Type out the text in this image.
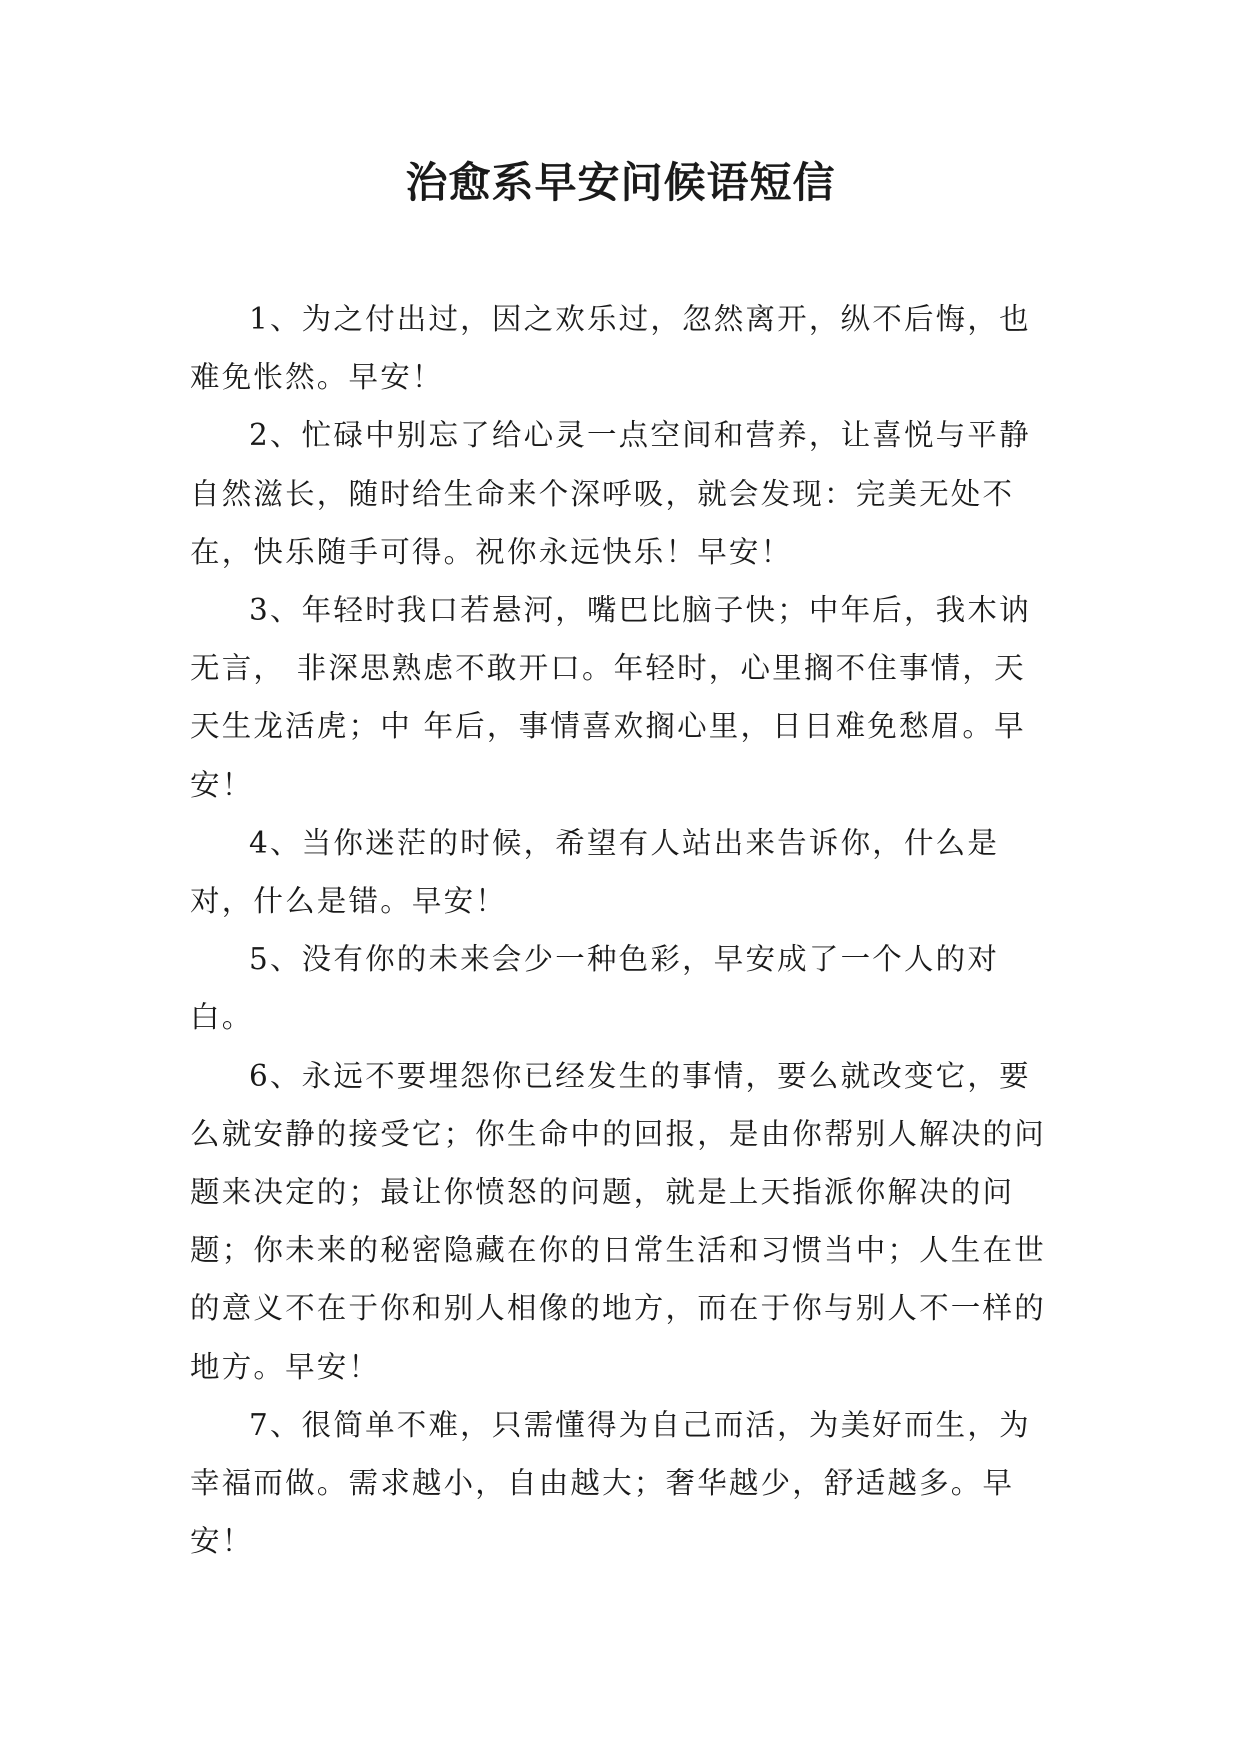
治愈系早安问候语短信

1、为之付出过，因之欢乐过，忽然离开，纵不后悔，也难免怅然。早安！

2、忙碌中别忘了给心灵一点空间和营养，让喜悦与平静自然滋长，随时给生命来个深呼吸，就会发现：完美无处不在，快乐随手可得。祝你永远快乐！早安！

3、年轻时我口若悬河，嘴巴比脑子快；中年后，我木讷无言， 非深思熟虑不敢开口。年轻时，心里搁不住事情，天天生龙活虎；中 年后，事情喜欢搁心里，日日难免愁眉。早安！

4、当你迷茫的时候，希望有人站出来告诉你，什么是对，什么是错。早安！

5、没有你的未来会少一种色彩，早安成了一个人的对白。

6、永远不要埋怨你已经发生的事情，要么就改变它，要么就安静的接受它；你生命中的回报，是由你帮别人解决的问题来决定的；最让你愤怒的问题，就是上天指派你解决的问题；你未来的秘密隐藏在你的日常生活和习惯当中；人生在世的意义不在于你和别人相像的地方，而在于你与别人不一样的地方。早安！

7、很简单不难，只需懂得为自己而活，为美好而生，为幸福而做。需求越小，自由越大；奢华越少，舒适越多。早安！
